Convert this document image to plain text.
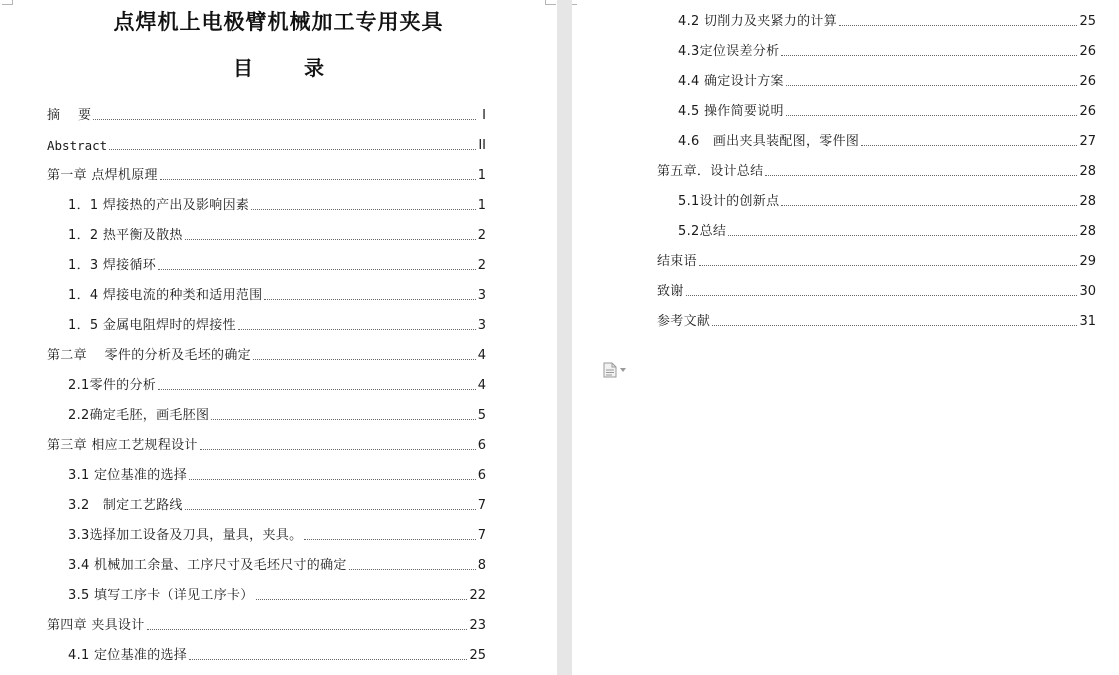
点焊机上电极臂机械加工专用夹具
目 录
摘　 要	I
Abstract	II
第一章 点焊机原理	1
1．1 焊接热的产出及影响因素	1
1．2 热平衡及散热	2
1．3 焊接循环	2
1．4 焊接电流的种类和适用范围	3
1．5 金属电阻焊时的焊接性	3
第二章　 零件的分析及毛坯的确定	4
2.1零件的分析	4
2.2确定毛胚，画毛胚图	5
第三章 相应工艺规程设计	6
3.1 定位基准的选择	6
3.2　制定工艺路线	7
3.3选择加工设备及刀具，量具，夹具。	7
3.4 机械加工余量、工序尺寸及毛坯尺寸的确定	8
3.5 填写工序卡（详见工序卡）	22
第四章 夹具设计	23
4.1 定位基准的选择	25
4.2 切削力及夹紧力的计算	25
4.3定位误差分析	26
4.4 确定设计方案	26
4.5 操作简要说明	26
4.6　画出夹具装配图，零件图	27
第五章．设计总结	28
5.1设计的创新点	28
5.2总结	28
结束语	29
致谢	30
参考文献	31
